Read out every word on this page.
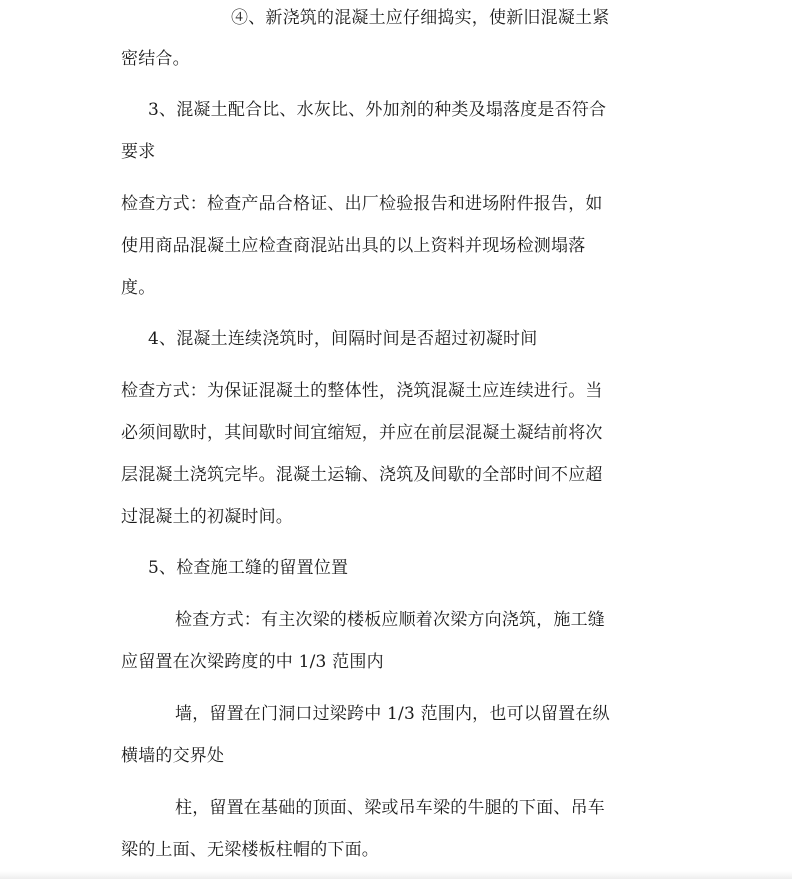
④、新浇筑的混凝土应仔细捣实，使新旧混凝土紧
密结合。
3、混凝土配合比、水灰比、外加剂的种类及塌落度是否符合
要求
检查方式：检查产品合格证、出厂检验报告和进场附件报告，如
使用商品混凝土应检查商混站出具的以上资料并现场检测塌落
度。
4、混凝土连续浇筑时，间隔时间是否超过初凝时间
检查方式：为保证混凝土的整体性，浇筑混凝土应连续进行。当
必须间歇时，其间歇时间宜缩短，并应在前层混凝土凝结前将次
层混凝土浇筑完毕。混凝土运输、浇筑及间歇的全部时间不应超
过混凝土的初凝时间。
5、检查施工缝的留置位置
检查方式：有主次梁的楼板应顺着次梁方向浇筑，施工缝
应留置在次梁跨度的中 1/3 范围内
墙，留置在门洞口过梁跨中 1/3 范围内，也可以留置在纵
横墙的交界处
柱，留置在基础的顶面、梁或吊车梁的牛腿的下面、吊车
梁的上面、无梁楼板柱帽的下面。
